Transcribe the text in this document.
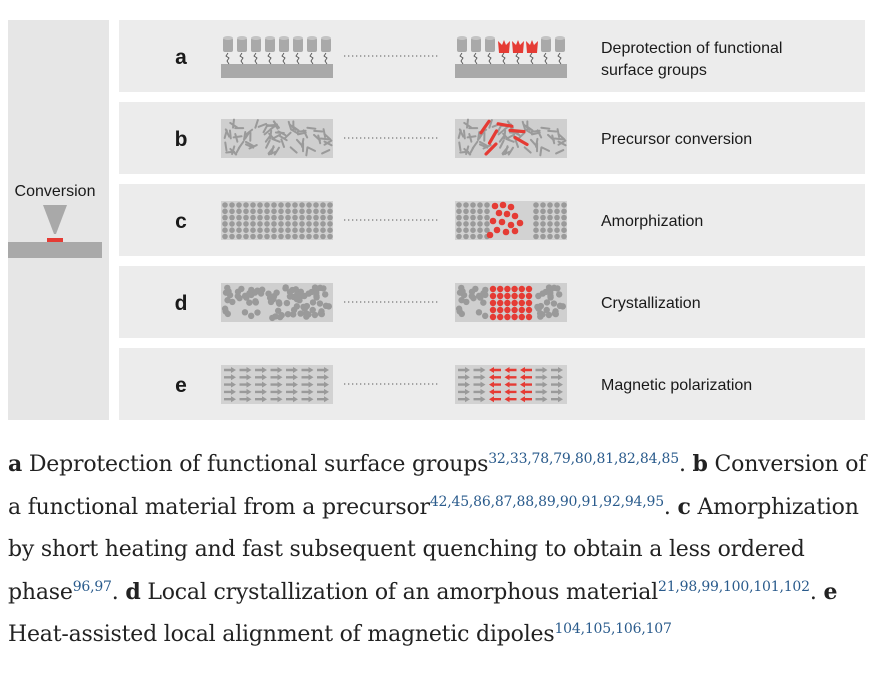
Conversion
a	Deprotection of functional
surface groups
b	Precursor conversion
c	Amorphization
d	Crystallization
e	Magnetic polarization
a Deprotection of functional surface groups$^{32,33,78,79,80,81,82,84,85}$. b Conversion of a functional material from a precursor$^{42,45,86,87,88,89,90,91,92,94,95}$. c Amorphization by short heating and fast subsequent quenching to obtain a less ordered phase$^{96,97}$. d Local crystallization of an amorphous material$^{21,98,99,100,101,102}$. e Heat-assisted local alignment of magnetic dipoles$^{104,105,106,107}$
